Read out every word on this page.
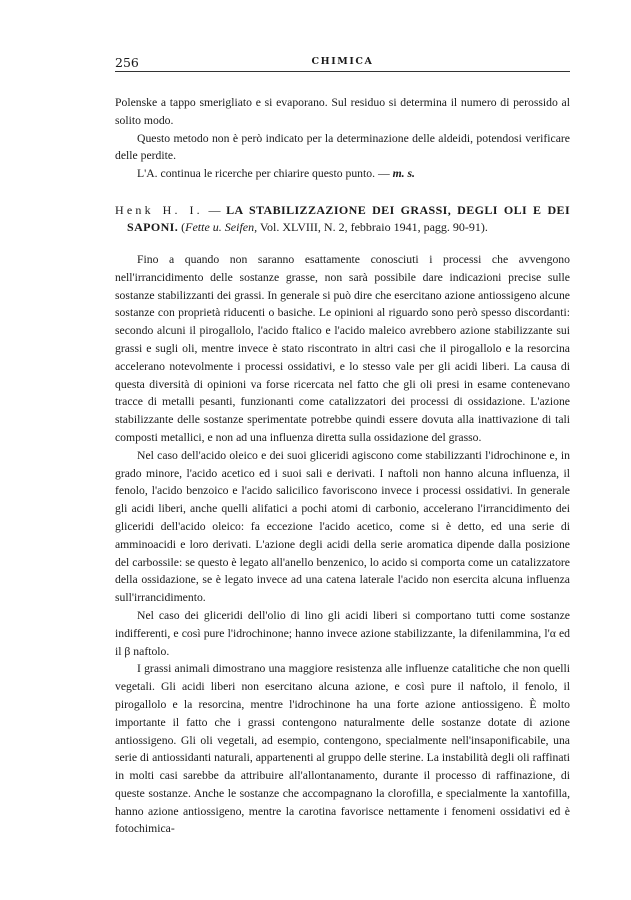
256	CHIMICA

Polenske a tappo smerigliato e si evaporano. Sul residuo si determina il numero di perossido al solito modo.

Questo metodo non è però indicato per la determinazione delle aldeidi, potendosi verificare delle perdite.

L'A. continua le ricerche per chiarire questo punto. — m. s.

Henk H. I. — LA STABILIZZAZIONE DEI GRASSI, DEGLI OLI E DEI SAPONI. (Fette u. Seifen, Vol. XLVIII, N. 2, febbraio 1941, pagg. 90-91).

Fino a quando non saranno esattamente conosciuti i processi che avvengono nell'irrancidimento delle sostanze grasse, non sarà possibile dare indicazioni precise sulle sostanze stabilizzanti dei grassi. In generale si può dire che esercitano azione antiossigeno alcune sostanze con proprietà riducenti o basiche. Le opinioni al riguardo sono però spesso discordanti: secondo alcuni il pirogallolo, l'acido ftalico e l'acido maleico avrebbero azione stabilizzante sui grassi e sugli oli, mentre invece è stato riscontrato in altri casi che il pirogallolo e la resorcina accelerano notevolmente i processi ossidativi, e lo stesso vale per gli acidi liberi. La causa di questa diversità di opinioni va forse ricercata nel fatto che gli oli presi in esame contenevano tracce di metalli pesanti, funzionanti come catalizzatori dei processi di ossidazione. L'azione stabilizzante delle sostanze sperimentate potrebbe quindi essere dovuta alla inattivazione di tali composti metallici, e non ad una influenza diretta sulla ossidazione del grasso.

Nel caso dell'acido oleico e dei suoi gliceridi agiscono come stabilizzanti l'idrochinone e, in grado minore, l'acido acetico ed i suoi sali e derivati. I naftoli non hanno alcuna influenza, il fenolo, l'acido benzoico e l'acido salicilico favoriscono invece i processi ossidativi. In generale gli acidi liberi, anche quelli alifatici a pochi atomi di carbonio, accelerano l'irrancidimento dei gliceridi dell'acido oleico: fa eccezione l'acido acetico, come si è detto, ed una serie di amminoacidi e loro derivati. L'azione degli acidi della serie aromatica dipende dalla posizione del carbossile: se questo è legato all'anello benzenico, lo acido si comporta come un catalizzatore della ossidazione, se è legato invece ad una catena laterale l'acido non esercita alcuna influenza sull'irrancidimento.

Nel caso dei gliceridi dell'olio di lino gli acidi liberi si comportano tutti come sostanze indifferenti, e così pure l'idrochinone; hanno invece azione stabilizzante, la difenilammina, l'α ed il β naftolo.

I grassi animali dimostrano una maggiore resistenza alle influenze catalitiche che non quelli vegetali. Gli acidi liberi non esercitano alcuna azione, e così pure il naftolo, il fenolo, il pirogallolo e la resorcina, mentre l'idrochinone ha una forte azione antiossigeno. È molto importante il fatto che i grassi contengono naturalmente delle sostanze dotate di azione antiossigeno. Gli oli vegetali, ad esempio, contengono, specialmente nell'insaponificabile, una serie di antiossidanti naturali, appartenenti al gruppo delle sterine. La instabilità degli oli raffinati in molti casi sarebbe da attribuire all'allontanamento, durante il processo di raffinazione, di queste sostanze. Anche le sostanze che accompagnano la clorofilla, e specialmente la xantofilla, hanno azione antiossigeno, mentre la carotina favorisce nettamente i fenomeni ossidativi ed è fotochimica-
